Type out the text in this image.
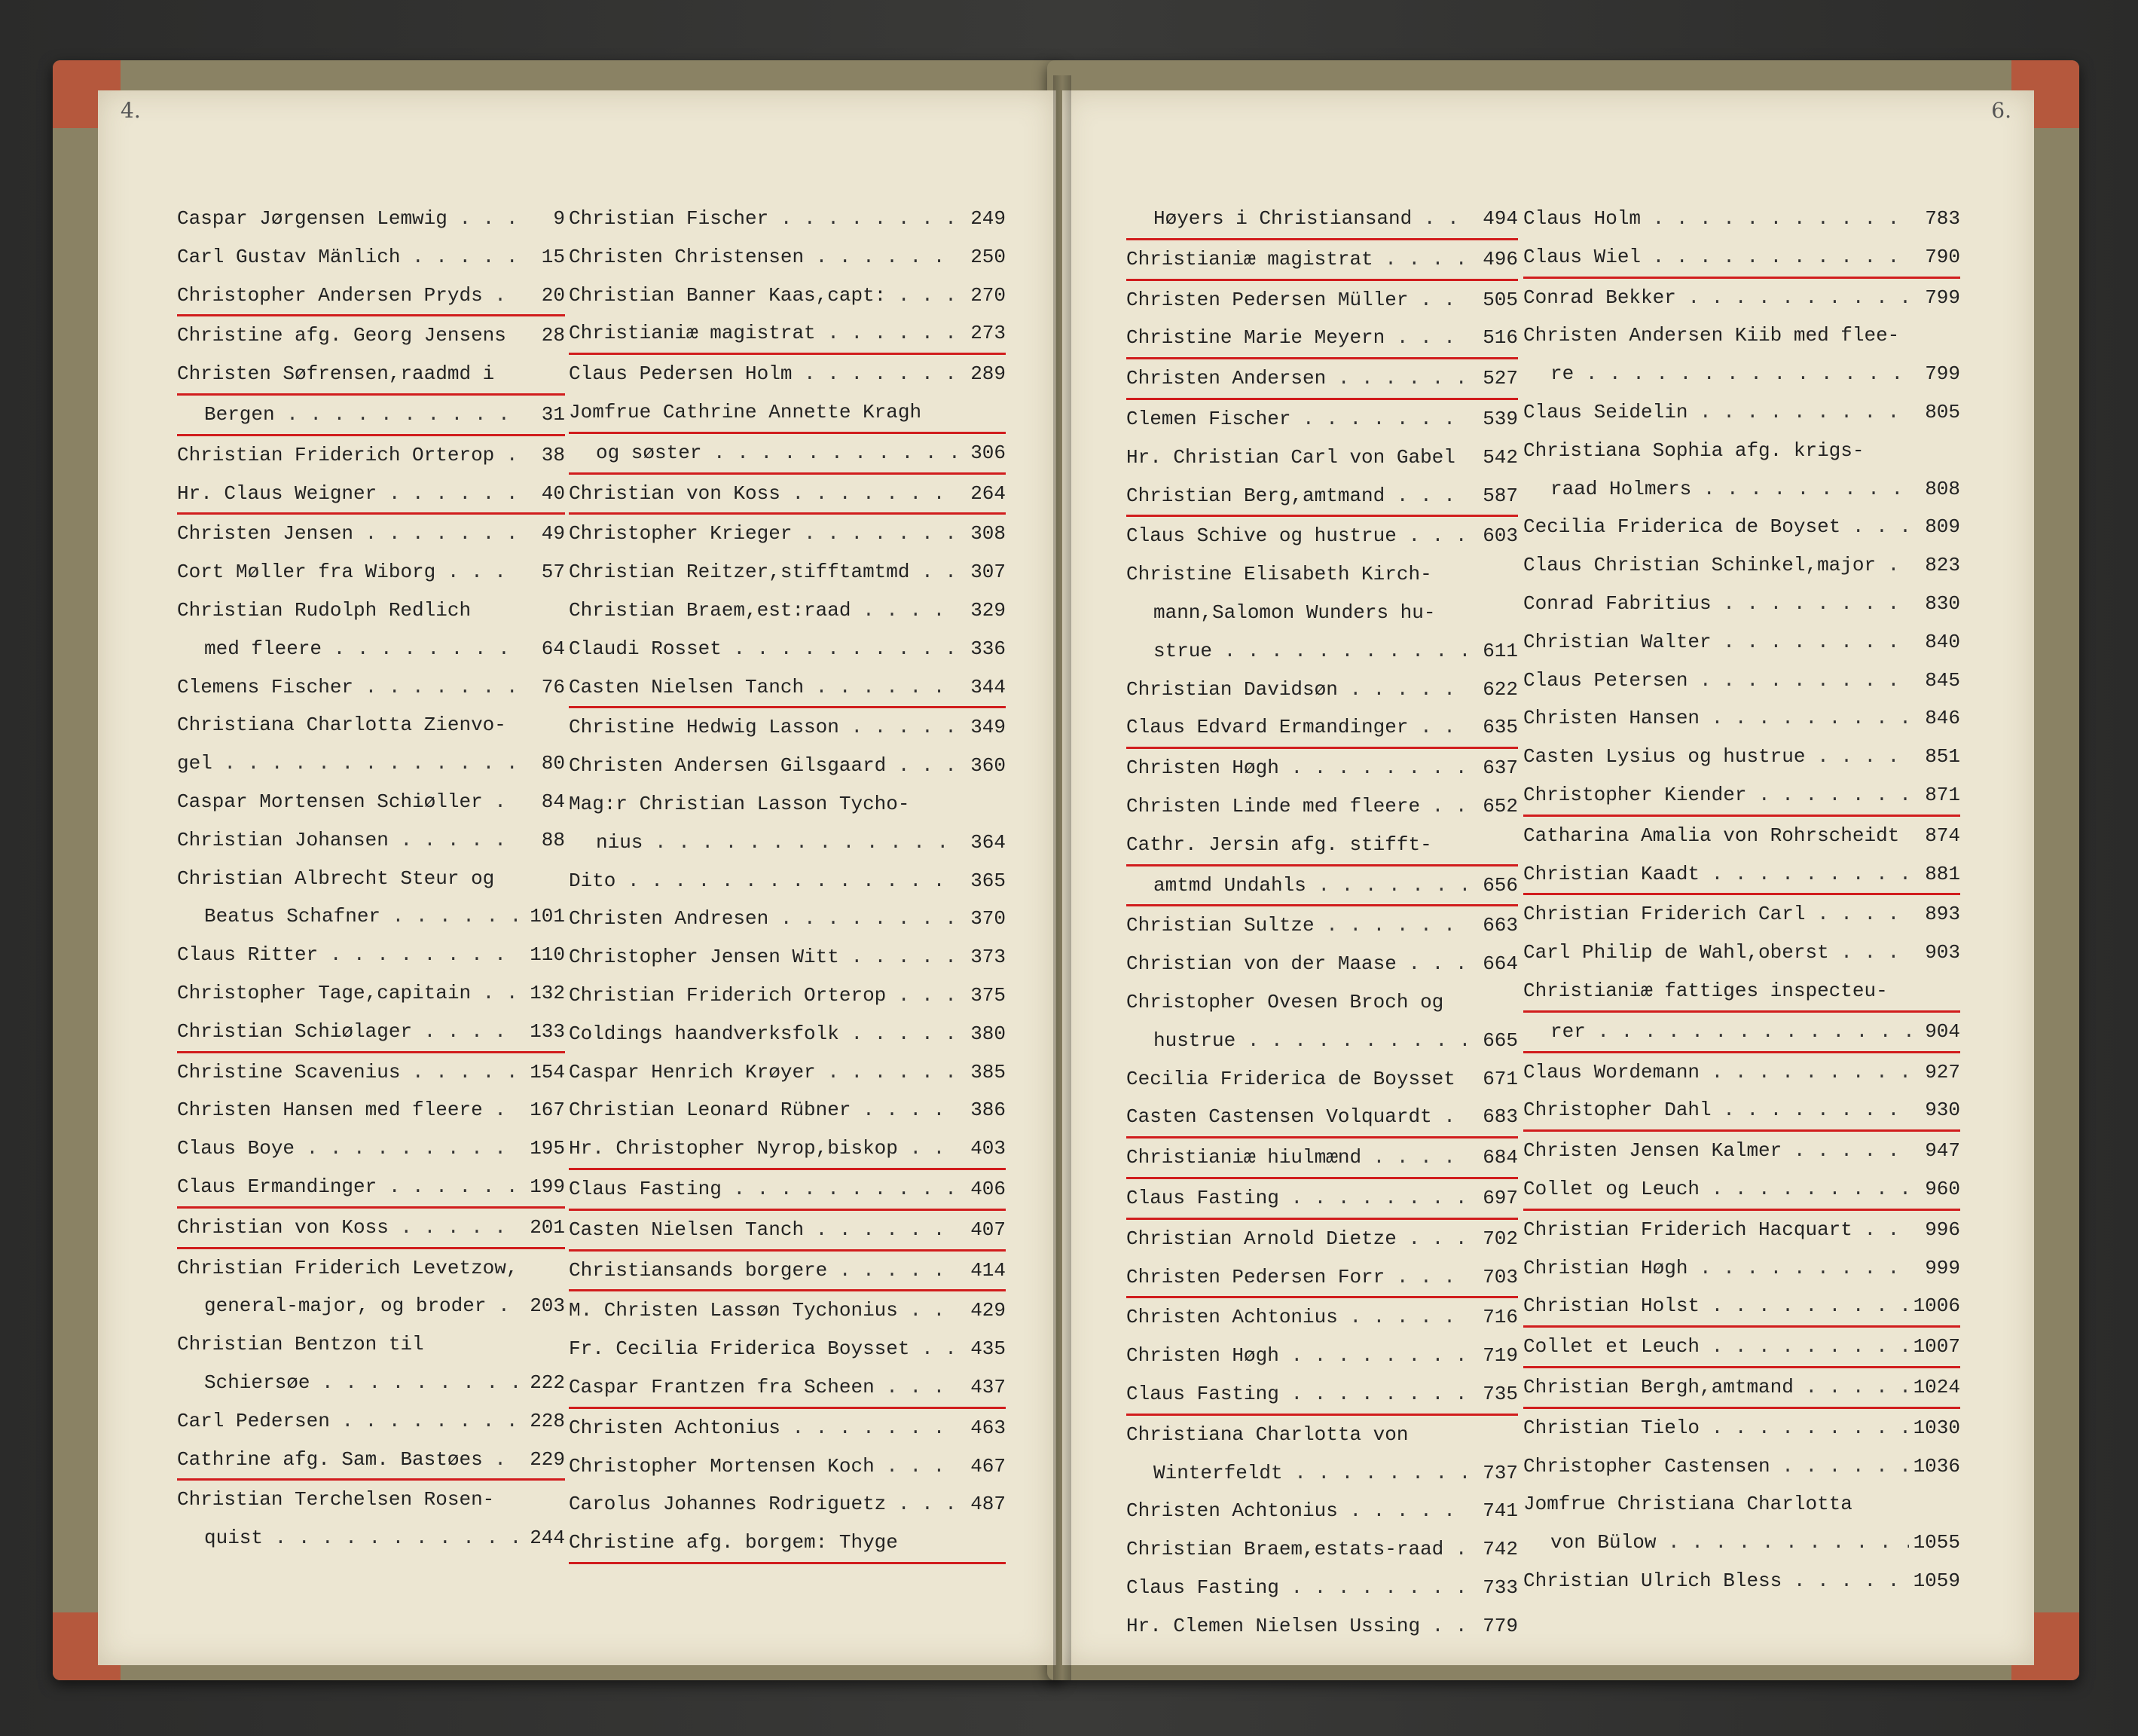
4.
Caspar Jørgensen Lemwig . . .	9
Carl Gustav Mänlich . . .	15
Christopher Andersen Pryds . . .	20
Christine afg. Georg Jensens . . .	28
Christen Søfrensen,raadmd i
Bergen . . .	31
Christian Friderich Orterop . . .	38
Hr. Claus Weigner . . .	40
Christen Jensen . . .	49
Cort Møller fra Wiborg . . .	57
Christian Rudolph Redlich
med fleere . . .	64
Clemens Fischer . . .	76
Christiana Charlotta Zienvo-
gel . . .	80
Caspar Mortensen Schiøller . . .	84
Christian Johansen . . .	88
Christian Albrecht Steur og
Beatus Schafner . . .	101
Claus Ritter . . .	110
Christopher Tage,capitain . . .	132
Christian Schiølager . . .	133
Christine Scavenius . . .	154
Christen Hansen med fleere . . .	167
Claus Boye . . .	195
Claus Ermandinger . . .	199
Christian von Koss . . .	201
Christian Friderich Levetzow,
general-major, og broder . . .	203
Christian Bentzon til
Schiersøe . . .	222
Carl Pedersen . . .	228
Cathrine afg. Sam. Bastøes . . .	229
Christian Terchelsen Rosen-
quist . . .	244
Christian Fischer . . .	249
Christen Christensen . . .	250
Christian Banner Kaas,capt: . . .	270
Christianiæ magistrat . . .	273
Claus Pedersen Holm . . .	289
Jomfrue Cathrine Annette Kragh
og søster . . .	306
Christian von Koss . . .	264
Christopher Krieger . . .	308
Christian Reitzer,stifftamtmd . . .	307
Christian Braem,est:raad . . .	329
Claudi Rosset . . .	336
Casten Nielsen Tanch . . .	344
Christine Hedwig Lasson . . .	349
Christen Andersen Gilsgaard . . .	360
Mag:r Christian Lasson Tycho-
nius . . .	364
Dito . . .	365
Christen Andresen . . .	370
Christopher Jensen Witt . . .	373
Christian Friderich Orterop . . .	375
Coldings haandverksfolk . . .	380
Caspar Henrich Krøyer . . .	385
Christian Leonard Rübner . . .	386
Hr. Christopher Nyrop,biskop . . .	403
Claus Fasting . . .	406
Casten Nielsen Tanch . . .	407
Christiansands borgere . . .	414
M. Christen Lassøn Tychonius . . .	429
Fr. Cecilia Friderica Boysset . . .	435
Caspar Frantzen fra Scheen . . .	437
Christen Achtonius . . .	463
Christopher Mortensen Koch . . .	467
Carolus Johannes Rodriguetz . . .	487
Christine afg. borgem: Thyge
6.
Høyers i Christiansand . . .	494
Christianiæ magistrat . . .	496
Christen Pedersen Müller . . .	505
Christine Marie Meyern . . .	516
Christen Andersen . . .	527
Clemen Fischer . . .	539
Hr. Christian Carl von Gabel . . .	542
Christian Berg,amtmand . . .	587
Claus Schive og hustrue . . .	603
Christine Elisabeth Kirch-
mann,Salomon Wunders hu-
strue . . .	611
Christian Davidsøn . . .	622
Claus Edvard Ermandinger . . .	635
Christen Høgh . . .	637
Christen Linde med fleere . . .	652
Cathr. Jersin afg. stifft-
amtmd Undahls . . .	656
Christian Sultze . . .	663
Christian von der Maase . . .	664
Christopher Ovesen Broch og
hustrue . . .	665
Cecilia Friderica de Boysset . . .	671
Casten Castensen Volquardt . . .	683
Christianiæ hiulmænd . . .	684
Claus Fasting . . .	697
Christian Arnold Dietze . . .	702
Christen Pedersen Forr . . .	703
Christen Achtonius . . .	716
Christen Høgh . . .	719
Claus Fasting . . .	735
Christiana Charlotta von
Winterfeldt . . .	737
Christen Achtonius . . .	741
Christian Braem,estats-raad . . .	742
Claus Fasting . . .	733
Hr. Clemen Nielsen Ussing . . .	779
Claus Holm . . .	783
Claus Wiel . . .	790
Conrad Bekker . . .	799
Christen Andersen Kiib med flee-
re . . .	799
Claus Seidelin . . .	805
Christiana Sophia afg. krigs-
raad Holmers . . .	808
Cecilia Friderica de Boyset . . .	809
Claus Christian Schinkel,major . . .	823
Conrad Fabritius . . .	830
Christian Walter . . .	840
Claus Petersen . . .	845
Christen Hansen . . .	846
Casten Lysius og hustrue . . .	851
Christopher Kiender . . .	871
Catharina Amalia von Rohrscheidt . . .	874
Christian Kaadt . . .	881
Christian Friderich Carl . . .	893
Carl Philip de Wahl,oberst . . .	903
Christianiæ fattiges inspecteu-
rer . . .	904
Claus Wordemann . . .	927
Christopher Dahl . . .	930
Christen Jensen Kalmer . . .	947
Collet og Leuch . . .	960
Christian Friderich Hacquart . . .	996
Christian Høgh . . .	999
Christian Holst . . .	1006
Collet et Leuch . . .	1007
Christian Bergh,amtmand . . .	1024
Christian Tielo . . .	1030
Christopher Castensen . . .	1036
Jomfrue Christiana Charlotta
von Bülow . . .	1055
Christian Ulrich Bless . . .	1059
